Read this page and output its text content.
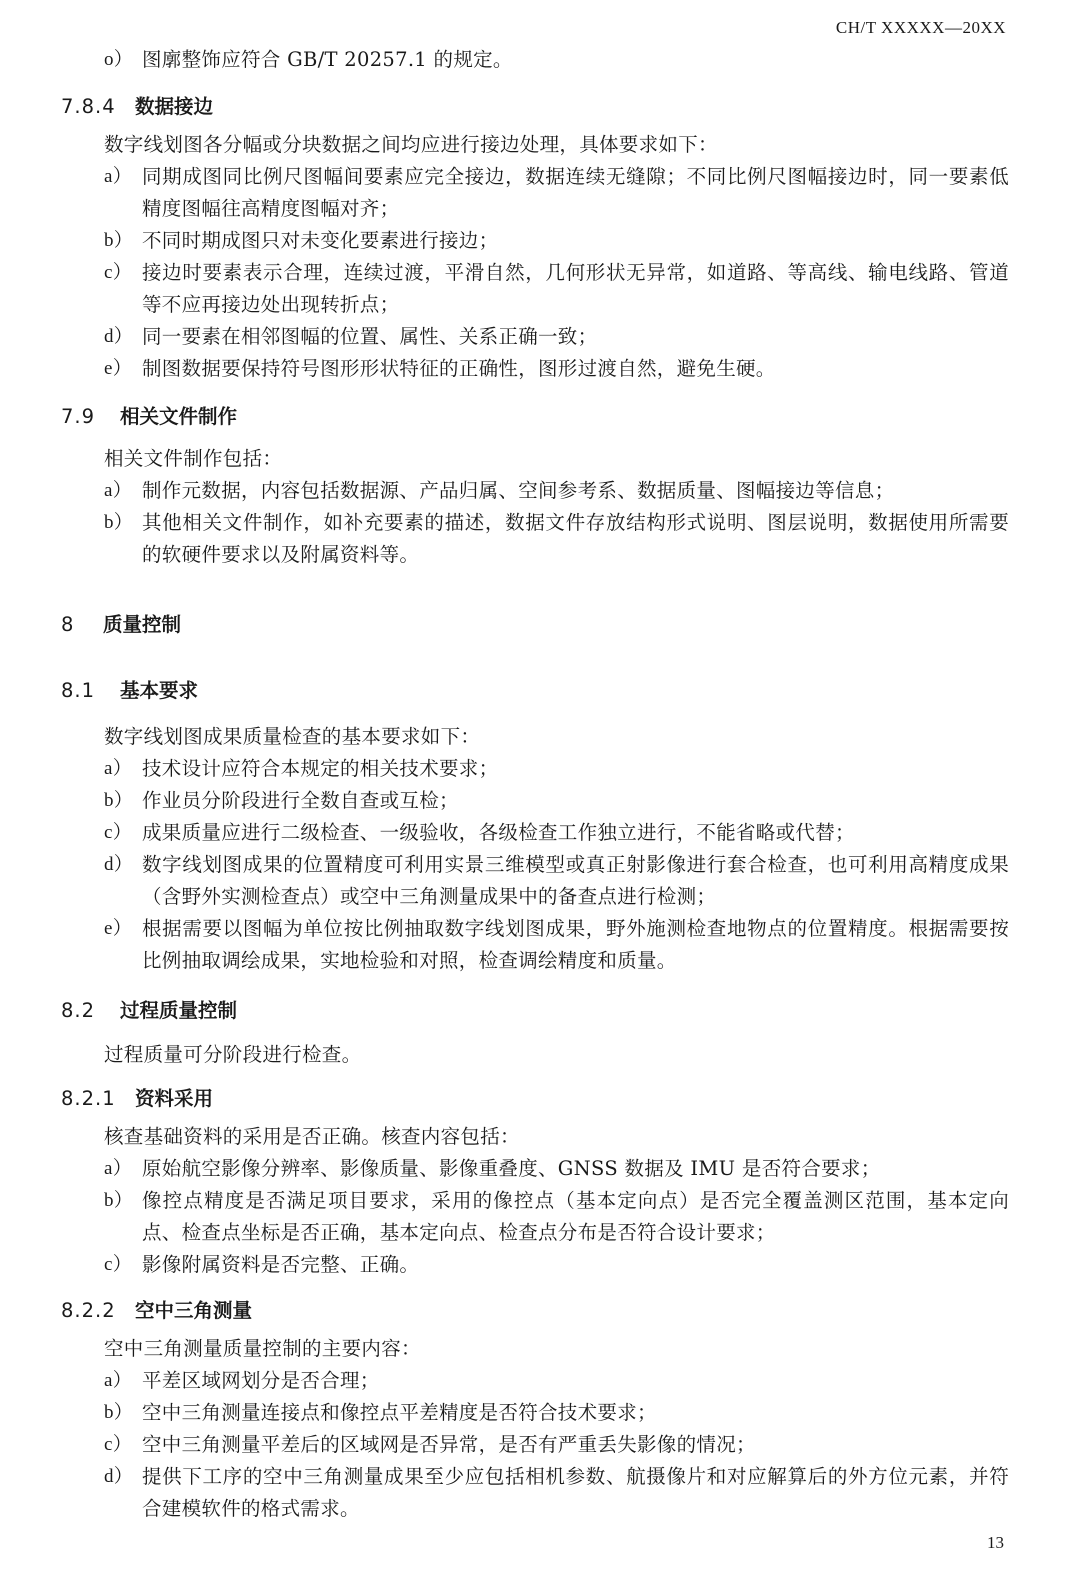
CH/T XXXXX—20XX
o） 图廓整饰应符合 GB/T 20257.1 的规定。
7.8.4 数据接边
数字线划图各分幅或分块数据之间均应进行接边处理，具体要求如下：
a） 同期成图同比例尺图幅间要素应完全接边，数据连续无缝隙；不同比例尺图幅接边时，同一要素低精度图幅往高精度图幅对齐；
b） 不同时期成图只对未变化要素进行接边；
c） 接边时要素表示合理，连续过渡，平滑自然，几何形状无异常，如道路、等高线、输电线路、管道等不应再接边处出现转折点；
d） 同一要素在相邻图幅的位置、属性、关系正确一致；
e） 制图数据要保持符号图形形状特征的正确性，图形过渡自然，避免生硬。
7.9 相关文件制作
相关文件制作包括：
a） 制作元数据，内容包括数据源、产品归属、空间参考系、数据质量、图幅接边等信息；
b） 其他相关文件制作，如补充要素的描述，数据文件存放结构形式说明、图层说明，数据使用所需要的软硬件要求以及附属资料等。
8 质量控制
8.1 基本要求
数字线划图成果质量检查的基本要求如下：
a） 技术设计应符合本规定的相关技术要求；
b） 作业员分阶段进行全数自查或互检；
c） 成果质量应进行二级检查、一级验收，各级检查工作独立进行，不能省略或代替；
d） 数字线划图成果的位置精度可利用实景三维模型或真正射影像进行套合检查，也可利用高精度成果（含野外实测检查点）或空中三角测量成果中的备查点进行检测；
e） 根据需要以图幅为单位按比例抽取数字线划图成果，野外施测检查地物点的位置精度。根据需要按比例抽取调绘成果，实地检验和对照，检查调绘精度和质量。
8.2 过程质量控制
过程质量可分阶段进行检查。
8.2.1 资料采用
核查基础资料的采用是否正确。核查内容包括：
a） 原始航空影像分辨率、影像质量、影像重叠度、GNSS 数据及 IMU 是否符合要求；
b） 像控点精度是否满足项目要求，采用的像控点（基本定向点）是否完全覆盖测区范围，基本定向点、检查点坐标是否正确，基本定向点、检查点分布是否符合设计要求；
c） 影像附属资料是否完整、正确。
8.2.2 空中三角测量
空中三角测量质量控制的主要内容：
a） 平差区域网划分是否合理；
b） 空中三角测量连接点和像控点平差精度是否符合技术要求；
c） 空中三角测量平差后的区域网是否异常，是否有严重丢失影像的情况；
d） 提供下工序的空中三角测量成果至少应包括相机参数、航摄像片和对应解算后的外方位元素，并符合建模软件的格式需求。
13
